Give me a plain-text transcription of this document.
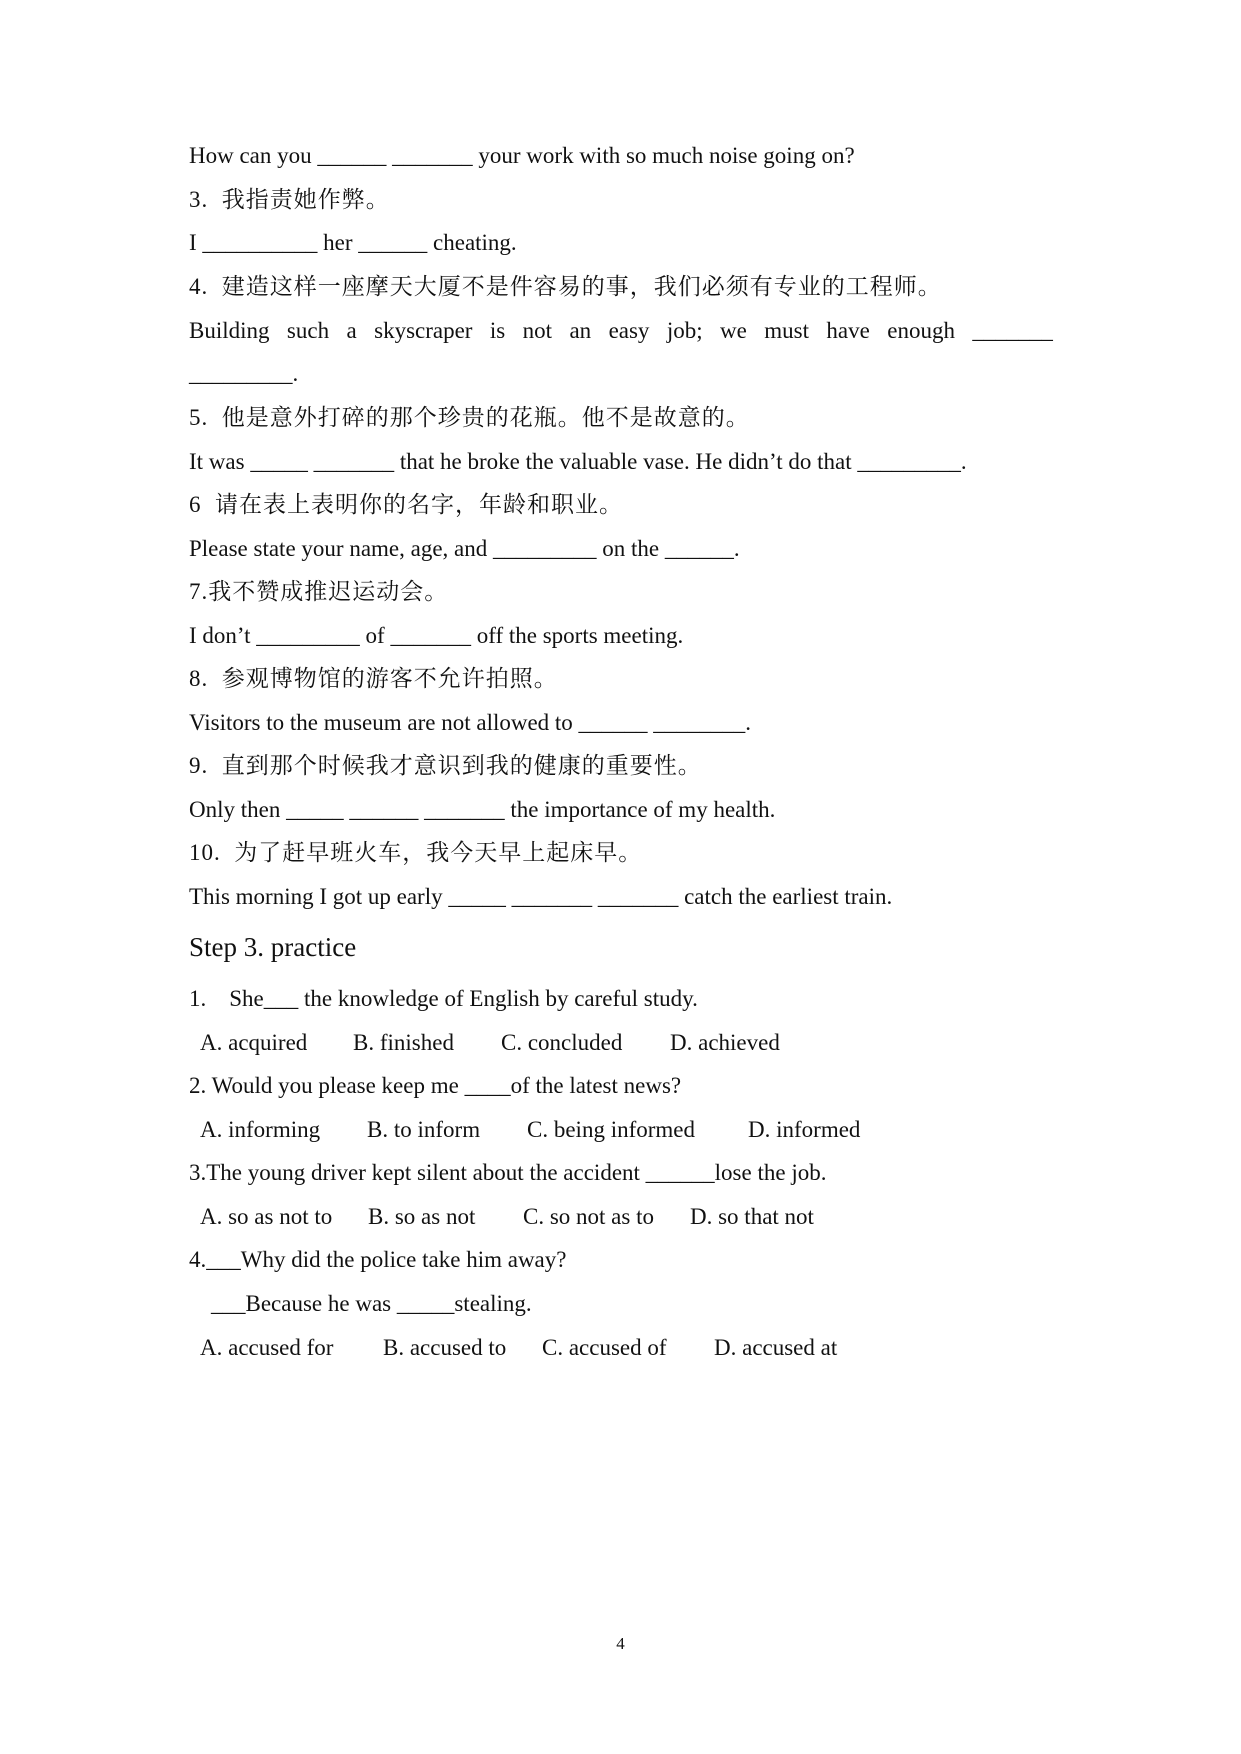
How can you ______ _______ your work with so much noise going on?
3.  我指责她作弊。
I __________ her ______ cheating.
4.  建造这样一座摩天大厦不是件容易的事，我们必须有专业的工程师。
Building such a skyscraper is not an easy job; we must have enough _______
_________.
5.  他是意外打碎的那个珍贵的花瓶。他不是故意的。
It was _____ _______ that he broke the valuable vase. He didn’t do that _________.
6  请在表上表明你的名字，年龄和职业。
Please state your name, age, and _________ on the ______.
7.我不赞成推迟运动会。
I don’t _________ of _______ off the sports meeting.
8.  参观博物馆的游客不允许拍照。
Visitors to the museum are not allowed to ______ ________.
9.  直到那个时候我才意识到我的健康的重要性。
Only then _____ ______ _______ the importance of my health.
10.  为了赶早班火车，我今天早上起床早。
This morning I got up early _____ _______ _______ catch the earliest train.
Step 3. practice
1.    She___ the knowledge of English by careful study.
A. acquired B. finished C. concluded D. achieved
2. Would you please keep me ____of the latest news?
A. informing B. to inform C. being informed D. informed
3.The young driver kept silent about the accident ______lose the job.
A. so as not to B. so as not C. so not as to D. so that not
4.___Why did the police take him away?
___Because he was _____stealing.
A. accused for B. accused to C. accused of D. accused at
4
